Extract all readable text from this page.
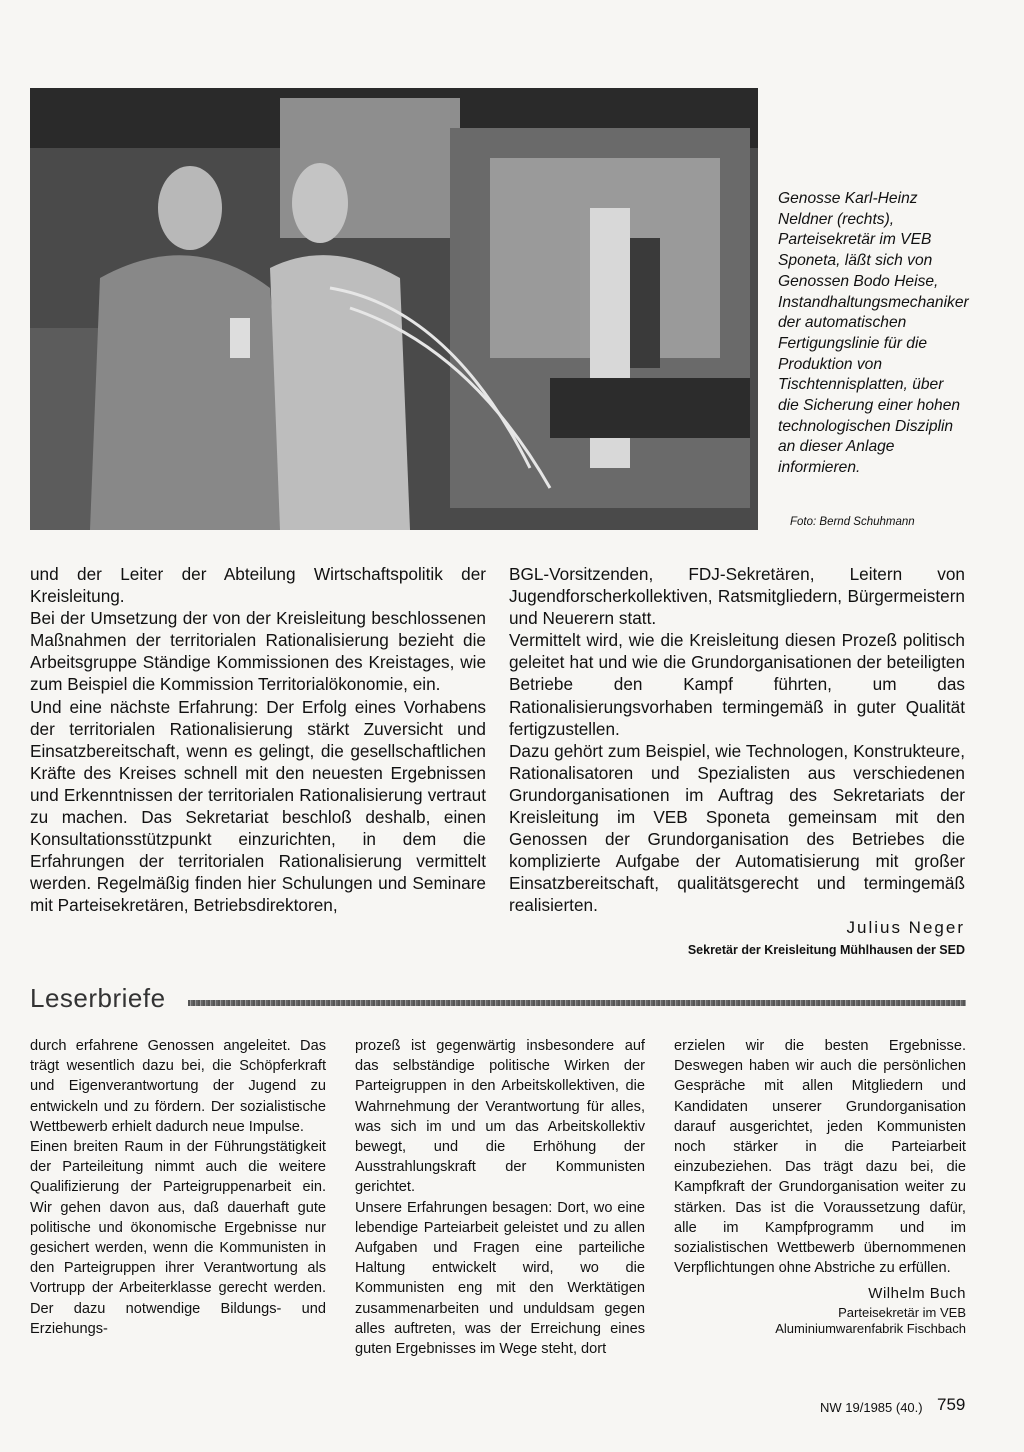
Genosse Karl-Heinz Neldner (rechts), Parteisekretär im VEB Sponeta, läßt sich von Genossen Bodo Heise, Instandhaltungsmechaniker der automatischen Fertigungslinie für die Produktion von Tischtennisplatten, über die Sicherung einer hohen technologischen Disziplin an dieser Anlage informieren.

Foto: Bernd Schuhmann

und der Leiter der Abteilung Wirtschaftspolitik der Kreisleitung.

Bei der Umsetzung der von der Kreisleitung beschlossenen Maßnahmen der territorialen Rationalisierung bezieht die Arbeitsgruppe Ständige Kommissionen des Kreistages, wie zum Beispiel die Kommission Territorialökonomie, ein.

Und eine nächste Erfahrung: Der Erfolg eines Vorhabens der territorialen Rationalisierung stärkt Zuversicht und Einsatzbereitschaft, wenn es gelingt, die gesellschaftlichen Kräfte des Kreises schnell mit den neuesten Ergebnissen und Erkenntnissen der territorialen Rationalisierung vertraut zu machen. Das Sekretariat beschloß deshalb, einen Konsultationsstützpunkt einzurichten, in dem die Erfahrungen der territorialen Rationalisierung vermittelt werden. Regelmäßig finden hier Schulungen und Seminare mit Parteisekretären, Betriebsdirektoren,

BGL-Vorsitzenden, FDJ-Sekretären, Leitern von Jugendforscherkollektiven, Ratsmitgliedern, Bürgermeistern und Neuerern statt.

Vermittelt wird, wie die Kreisleitung diesen Prozeß politisch geleitet hat und wie die Grundorganisationen der beteiligten Betriebe den Kampf führten, um das Rationalisierungsvorhaben termingemäß in guter Qualität fertigzustellen.

Dazu gehört zum Beispiel, wie Technologen, Konstrukteure, Rationalisatoren und Spezialisten aus verschiedenen Grundorganisationen im Auftrag des Sekretariats der Kreisleitung im VEB Sponeta gemeinsam mit den Genossen der Grundorganisation des Betriebes die komplizierte Aufgabe der Automatisierung mit großer Einsatzbereitschaft, qualitätsgerecht und termingemäß realisierten.

Julius Neger

Sekretär der Kreisleitung Mühlhausen der SED

Leserbriefe

durch erfahrene Genossen angeleitet. Das trägt wesentlich dazu bei, die Schöpferkraft und Eigenverantwortung der Jugend zu entwickeln und zu fördern. Der sozialistische Wettbewerb erhielt dadurch neue Impulse.

Einen breiten Raum in der Führungstätigkeit der Parteileitung nimmt auch die weitere Qualifizierung der Parteigruppenarbeit ein. Wir gehen davon aus, daß dauerhaft gute politische und ökonomische Ergebnisse nur gesichert werden, wenn die Kommunisten in den Parteigruppen ihrer Verantwortung als Vortrupp der Arbeiterklasse gerecht werden. Der dazu notwendige Bildungs- und Erziehungs-

prozeß ist gegenwärtig insbesondere auf das selbständige politische Wirken der Parteigruppen in den Arbeitskollektiven, die Wahrnehmung der Verantwortung für alles, was sich im und um das Arbeitskollektiv bewegt, und die Erhöhung der Ausstrahlungskraft der Kommunisten gerichtet.

Unsere Erfahrungen besagen: Dort, wo eine lebendige Parteiarbeit geleistet und zu allen Aufgaben und Fragen eine parteiliche Haltung entwickelt wird, wo die Kommunisten eng mit den Werktätigen zusammenarbeiten und unduldsam gegen alles auftreten, was der Erreichung eines guten Ergebnisses im Wege steht, dort

erzielen wir die besten Ergebnisse. Deswegen haben wir auch die persönlichen Gespräche mit allen Mitgliedern und Kandidaten unserer Grundorganisation darauf ausgerichtet, jeden Kommunisten noch stärker in die Parteiarbeit einzubeziehen. Das trägt dazu bei, die Kampfkraft der Grundorganisation weiter zu stärken. Das ist die Voraussetzung dafür, alle im Kampfprogramm und im sozialistischen Wettbewerb übernommenen Verpflichtungen ohne Abstriche zu erfüllen.

Wilhelm Buch

Parteisekretär im VEB

Aluminiumwarenfabrik Fischbach

NW 19/1985 (40.) 759
